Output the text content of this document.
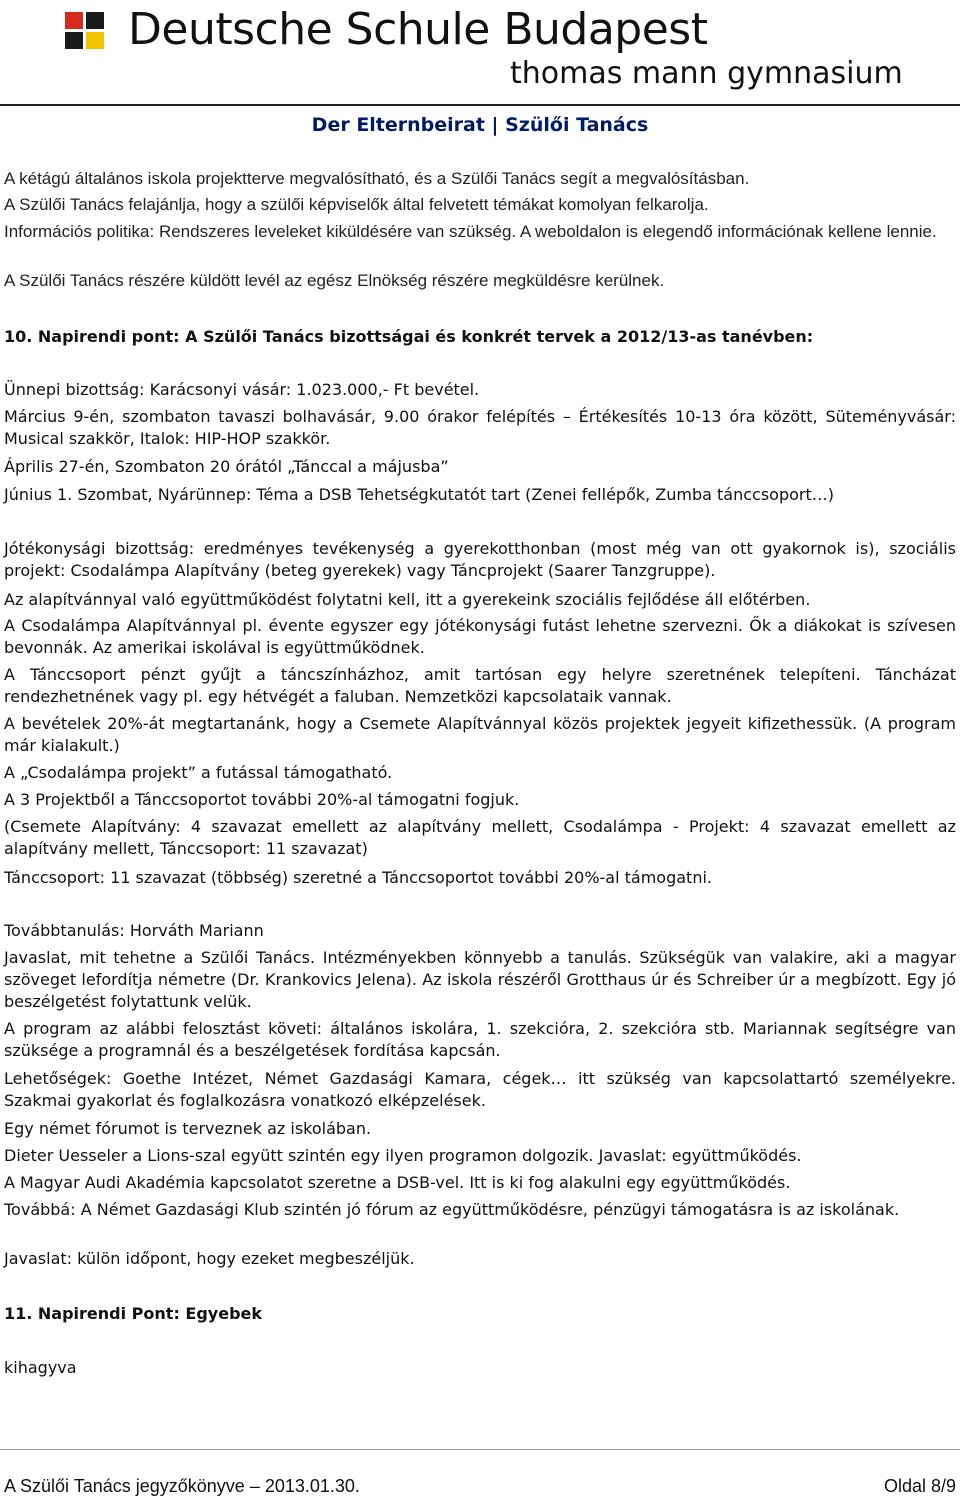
Deutsche Schule Budapest
thomas mann gymnasium
Der Elternbeirat | Szülői Tanács
A kétágú általános iskola projektterve megvalósítható, és a Szülői Tanács segít a megvalósításban.
A Szülői Tanács felajánlja, hogy a szülői képviselők által felvetett témákat komolyan felkarolja.
Információs politika: Rendszeres leveleket kiküldésére van szükség. A weboldalon is elegendő információnak kellene lennie.
A Szülői Tanács részére küldött levél az egész Elnökség részére megküldésre kerülnek.
10. Napirendi pont: A Szülői Tanács bizottságai és konkrét tervek a 2012/13-as tanévben:
Ünnepi bizottság: Karácsonyi vásár: 1.023.000,- Ft bevétel.
Március 9-én, szombaton tavaszi bolhavásár, 9.00 órakor felépítés – Értékesítés 10-13 óra között, Süteményvásár: Musical szakkör, Italok: HIP-HOP szakkör.
Április 27-én, Szombaton 20 órától „Tánccal a májusba”
Június 1. Szombat, Nyárünnep: Téma a DSB Tehetségkutatót tart (Zenei fellépők, Zumba tánccsoport…)
Jótékonysági bizottság: eredményes tevékenység a gyerekotthonban (most még van ott gyakornok is), szociális projekt: Csodalámpa Alapítvány (beteg gyerekek) vagy Táncprojekt (Saarer Tanzgruppe).
Az alapítvánnyal való együttműködést folytatni kell, itt a gyerekeink szociális fejlődése áll előtérben.
A Csodalámpa Alapítvánnyal pl. évente egyszer egy jótékonysági futást lehetne szervezni. Ők a diákokat is szívesen bevonnák. Az amerikai iskolával is együttműködnek.
A Tánccsoport pénzt gyűjt a táncszínházhoz, amit tartósan egy helyre szeretnének telepíteni. Táncházat rendezhetnének vagy pl. egy hétvégét a faluban. Nemzetközi kapcsolataik vannak.
A bevételek 20%-át megtartanánk, hogy a Csemete Alapítvánnyal közös projektek jegyeit kifizethessük. (A program már kialakult.)
A „Csodalámpa projekt” a futással támogatható.
A 3 Projektből a Tánccsoportot további 20%-al támogatni fogjuk.
(Csemete Alapítvány: 4 szavazat emellett az alapítvány mellett, Csodalámpa - Projekt: 4 szavazat emellett az alapítvány mellett, Tánccsoport: 11 szavazat)
Tánccsoport: 11 szavazat (többség) szeretné a Tánccsoportot további 20%-al támogatni.
Továbbtanulás: Horváth Mariann
Javaslat, mit tehetne a Szülői Tanács. Intézményekben könnyebb a tanulás. Szükségük van valakire, aki a magyar szöveget lefordítja németre (Dr. Krankovics Jelena). Az iskola részéről Grotthaus úr és Schreiber úr a megbízott. Egy jó beszélgetést folytattunk velük.
A program az alábbi felosztást követi: általános iskolára, 1. szekcióra, 2. szekcióra stb. Mariannak segítségre van szüksége a programnál és a beszélgetések fordítása kapcsán.
Lehetőségek: Goethe Intézet, Német Gazdasági Kamara, cégek… itt szükség van kapcsolattartó személyekre. Szakmai gyakorlat és foglalkozásra vonatkozó elképzelések.
Egy német fórumot is terveznek az iskolában.
Dieter Uesseler a Lions-szal együtt szintén egy ilyen programon dolgozik. Javaslat: együttműködés.
A Magyar Audi Akadémia kapcsolatot szeretne a DSB-vel. Itt is ki fog alakulni egy együttműködés.
Továbbá: A Német Gazdasági Klub szintén jó fórum az együttműködésre, pénzügyi támogatásra is az iskolának.
Javaslat: külön időpont, hogy ezeket megbeszéljük.
11. Napirendi Pont: Egyebek
kihagyva
A Szülői Tanács jegyzőkönyve – 2013.01.30.	Oldal 8/9
